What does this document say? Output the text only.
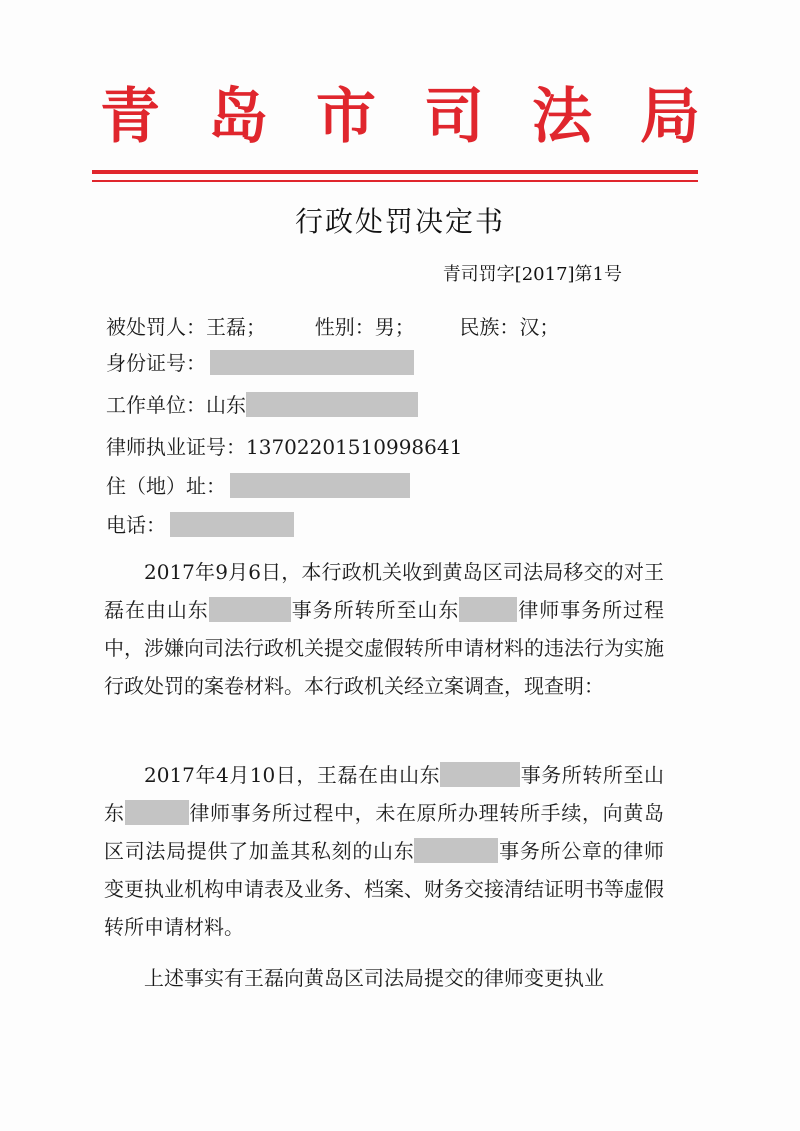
青 岛 市 司 法 局
行政处罚决定书
青司罚字[2017]第1号
被处罚人：王磊； 性别：男； 民族：汉；
身份证号：
工作单位：山东
律师执业证号：13702201510998641
住（地）址：
电话：

2017年9月6日，本行政机关收到黄岛区司法局移交的对王磊在由山东	事务所转所至山东	律师事务所过程中，涉嫌向司法行政机关提交虚假转所申请材料的违法行为实施行政处罚的案卷材料。本行政机关经立案调查，现查明：

2017年4月10日，王磊在由山东	事务所转所至山东	律师事务所过程中，未在原所办理转所手续，向黄岛区司法局提供了加盖其私刻的山东	事务所公章的律师变更执业机构申请表及业务、档案、财务交接清结证明书等虚假转所申请材料。

上述事实有王磊向黄岛区司法局提交的律师变更执业
